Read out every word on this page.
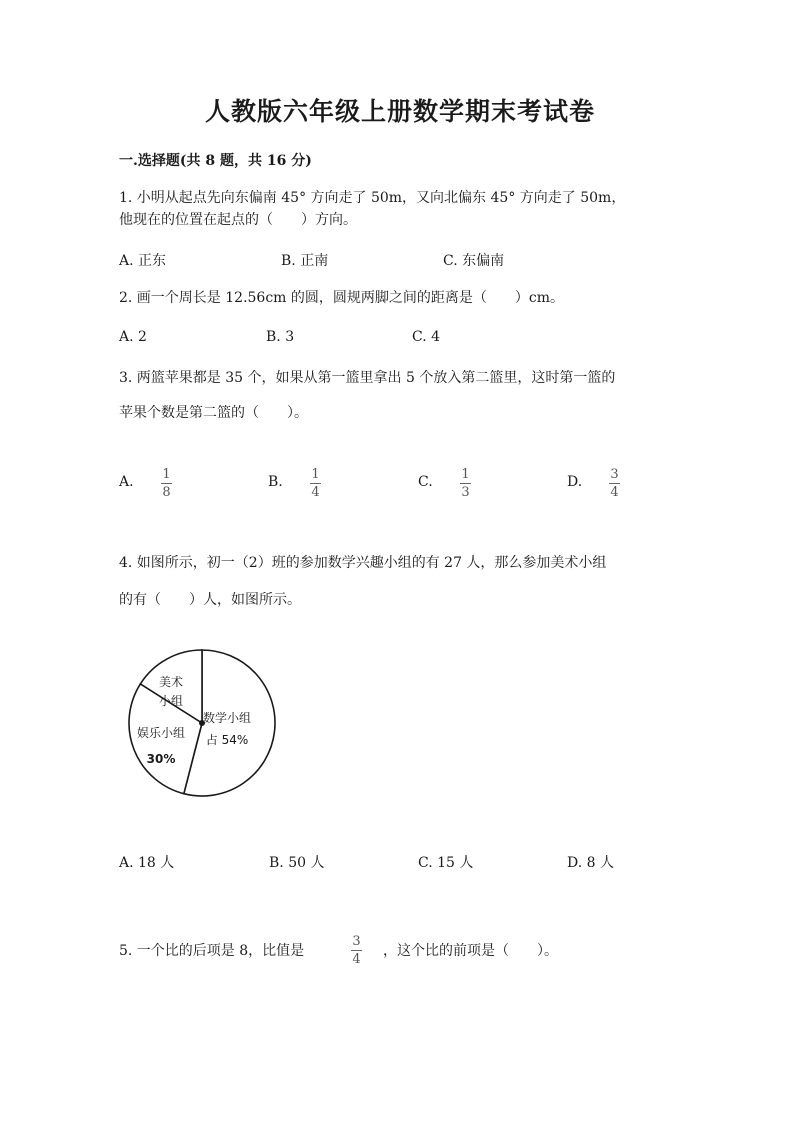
人教版六年级上册数学期末考试卷
一.选择题(共 8 题，共 16 分)
1. 小明从起点先向东偏南 45° 方向走了 50m，又向北偏东 45° 方向走了 50m，
他现在的位置在起点的（　　）方向。
A. 正东	B. 正南	C. 东偏南
2. 画一个周长是 12.56cm 的圆，圆规两脚之间的距离是（　　）cm。
A. 2	B. 3	C. 4
3. 两篮苹果都是 35 个，如果从第一篮里拿出 5 个放入第二篮里，这时第一篮的
苹果个数是第二篮的（　　）。
A. 1
8
B. 1
4
C. 1
3
D. 3
4
4. 如图所示，初一（2）班的参加数学兴趣小组的有 27 人，那么参加美术小组
的有（　　）人，如图所示。
数学小组
占 54%
娱乐小组
30%
美术
小组
A. 18 人	B. 50 人	C. 15 人	D. 8 人
5. 一个比的后项是 8，比值是
3
4
，这个比的前项是（　　）。
